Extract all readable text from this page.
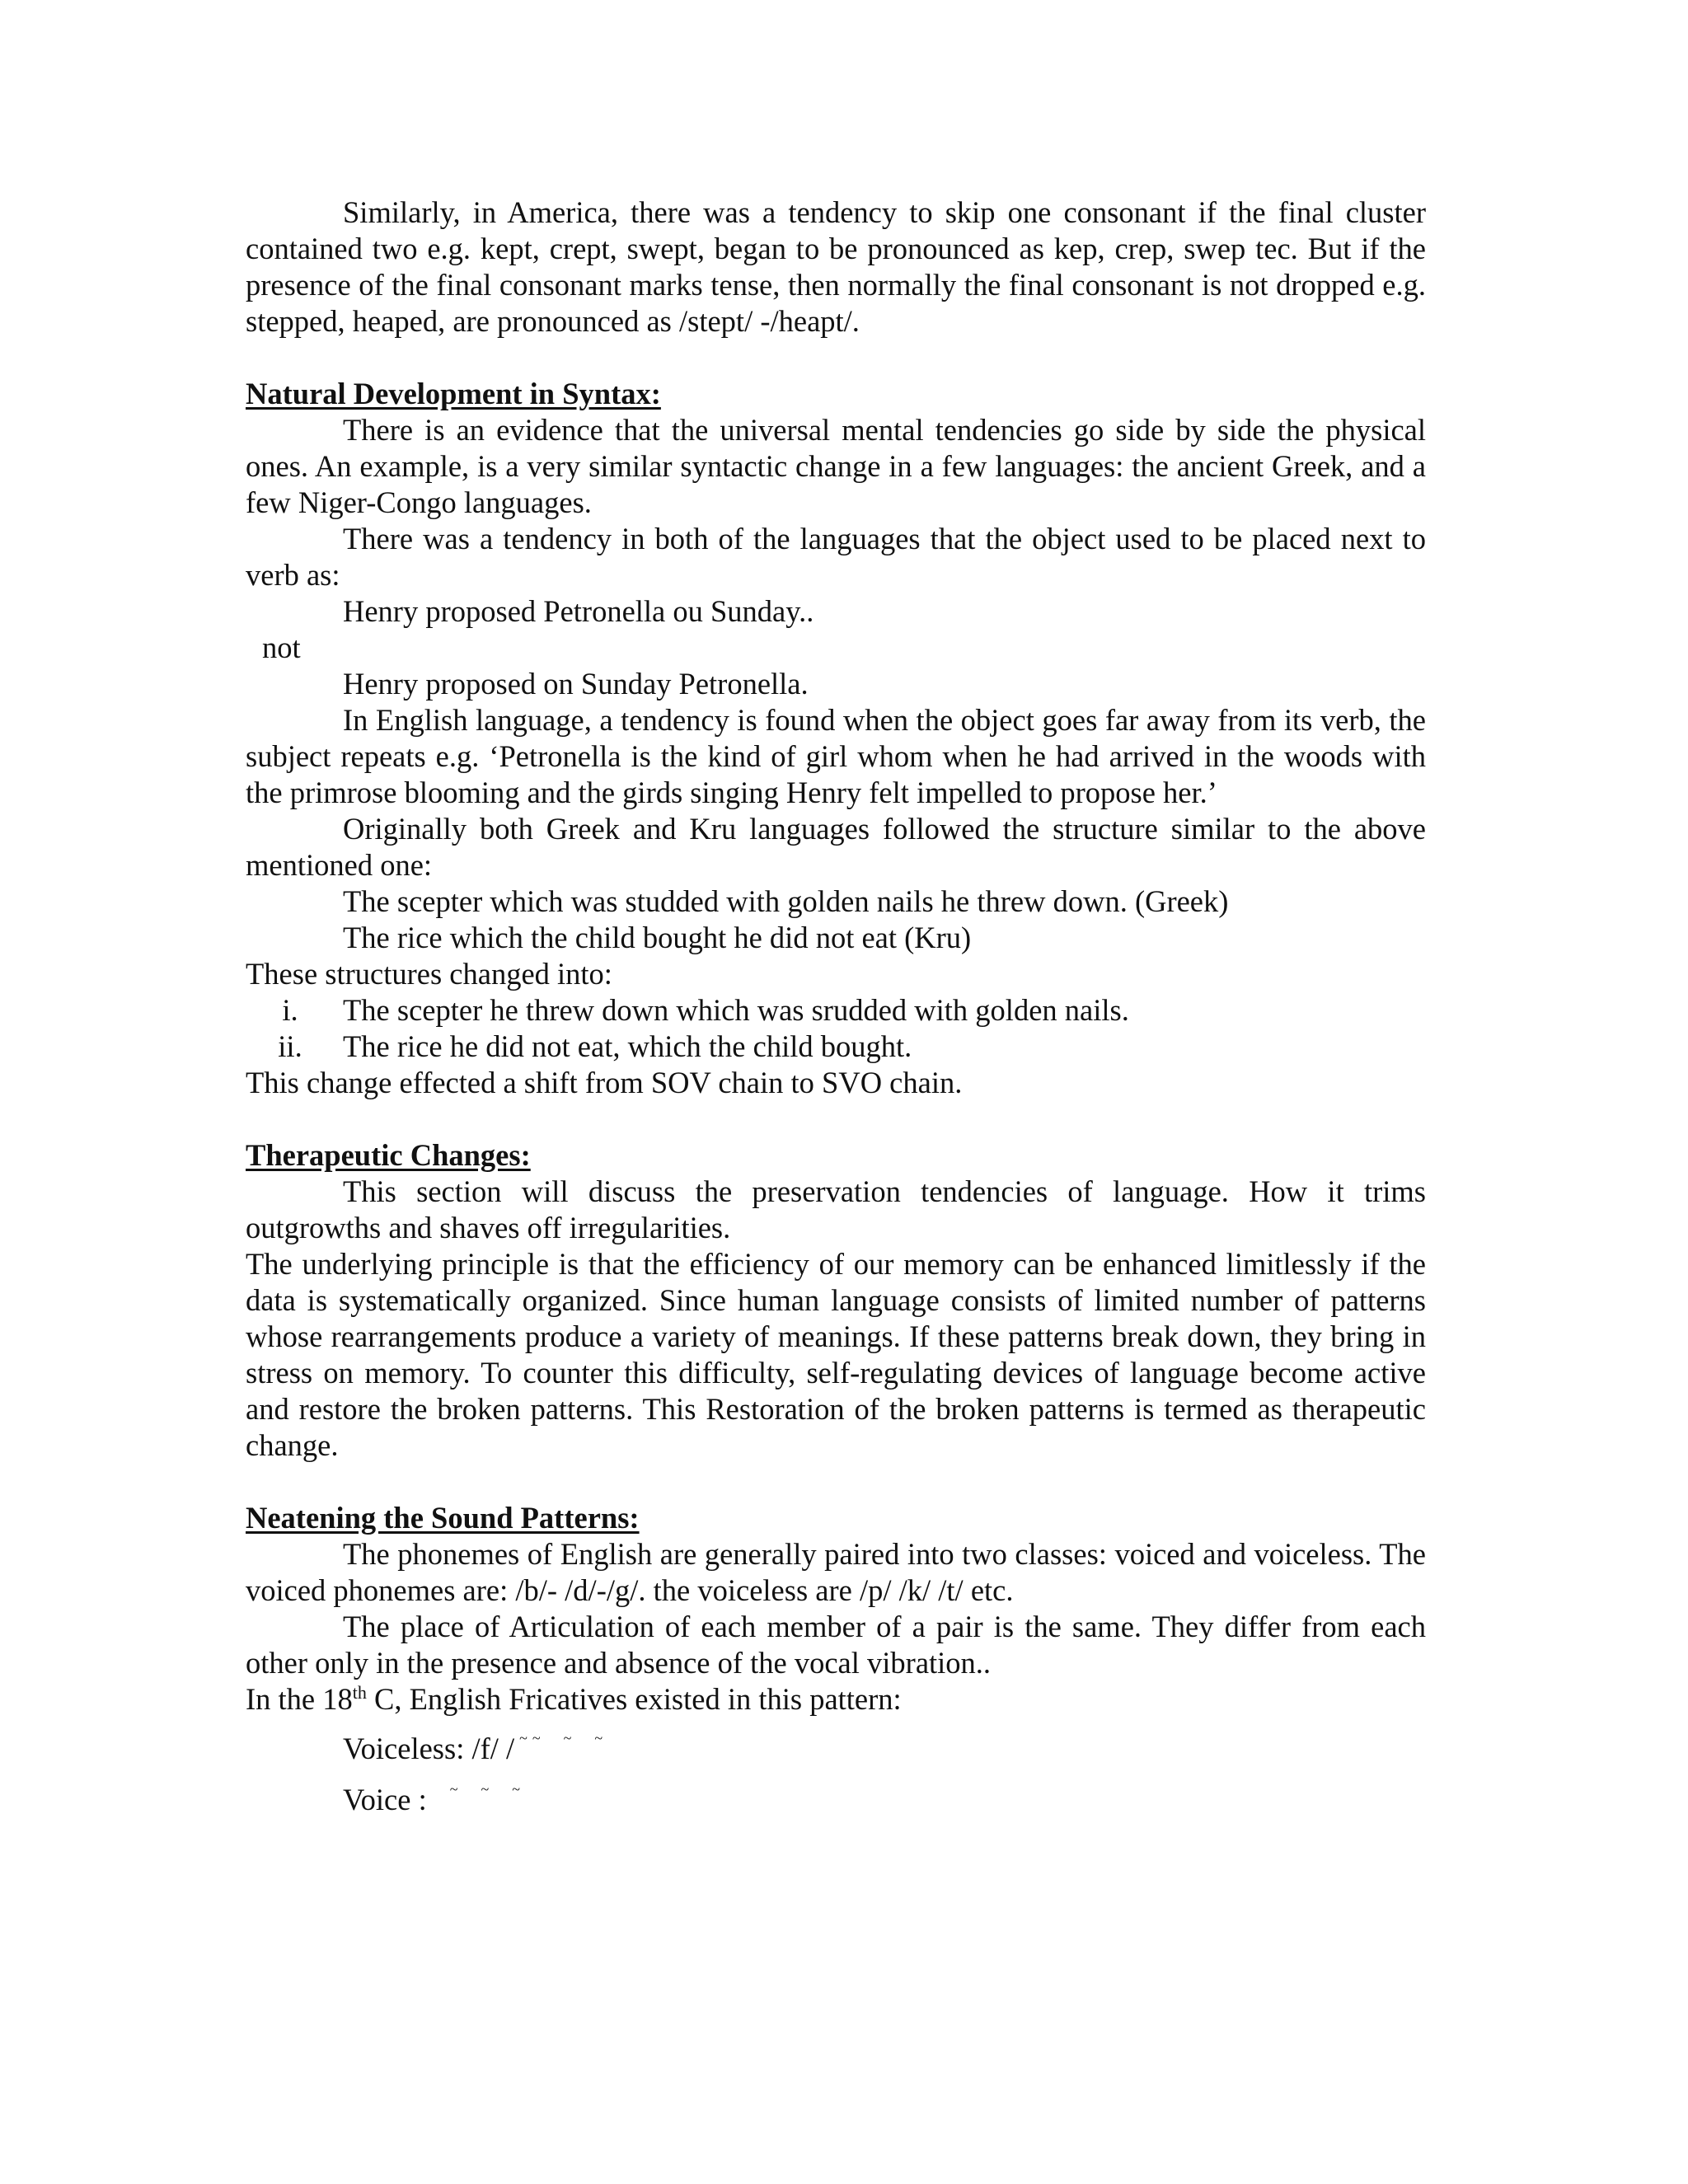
Similarly, in America, there was a tendency to skip one consonant if the final cluster contained two e.g. kept, crept, swept, began to be pronounced as kep, crep, swep tec. But if the presence of the final consonant marks tense, then normally the final consonant is not dropped e.g. stepped, heaped, are pronounced as /stept/ -/heapt/.

Natural Development in Syntax:

There is an evidence that the universal mental tendencies go side by side the physical ones. An example, is a very similar syntactic change in a few languages: the ancient Greek, and a few Niger-Congo languages.

There was a tendency in both of the languages that the object used to be placed next to verb as:

Henry proposed Petronella ou Sunday..

not

Henry proposed on Sunday Petronella.

In English language, a tendency is found when the object goes far away from its verb, the subject repeats e.g. ‘Petronella is the kind of girl whom when he had arrived in the woods with the primrose blooming and the girds singing Henry felt impelled to propose her.’

Originally both Greek and Kru languages followed the structure similar to the above mentioned one:

The scepter which was studded with golden nails he threw down. (Greek)

The rice which the child bought he did not eat (Kru)

These structures changed into:

i.	The scepter he threw down which was srudded with golden nails.
ii.	The rice he did not eat, which the child bought.

This change effected a shift from SOV chain to SVO chain.

Therapeutic Changes:

This section will discuss the preservation tendencies of language. How it trims outgrowths and shaves off irregularities.

The underlying principle is that the efficiency of our memory can be enhanced limitlessly if the data is systematically organized. Since human language consists of limited number of patterns whose rearrangements produce a variety of meanings. If these patterns break down, they bring in stress on memory. To counter this difficulty, self-regulating devices of language become active and restore the broken patterns. This Restoration of the broken patterns is termed as therapeutic change.

Neatening the Sound Patterns:

The phonemes of English are generally paired into two classes: voiced and voiceless. The voiced phonemes are: /b/- /d/-/g/. the voiceless are /p/ /k/ /t/ etc.

The place of Articulation of each member of a pair is the same. They differ from each other only in the presence and absence of the vocal vibration..

In the 18th C, English Fricatives existed in this pattern:

Voiceless: /f/ / ~ ~ ~ ~
Voice : ~ ~ ~
